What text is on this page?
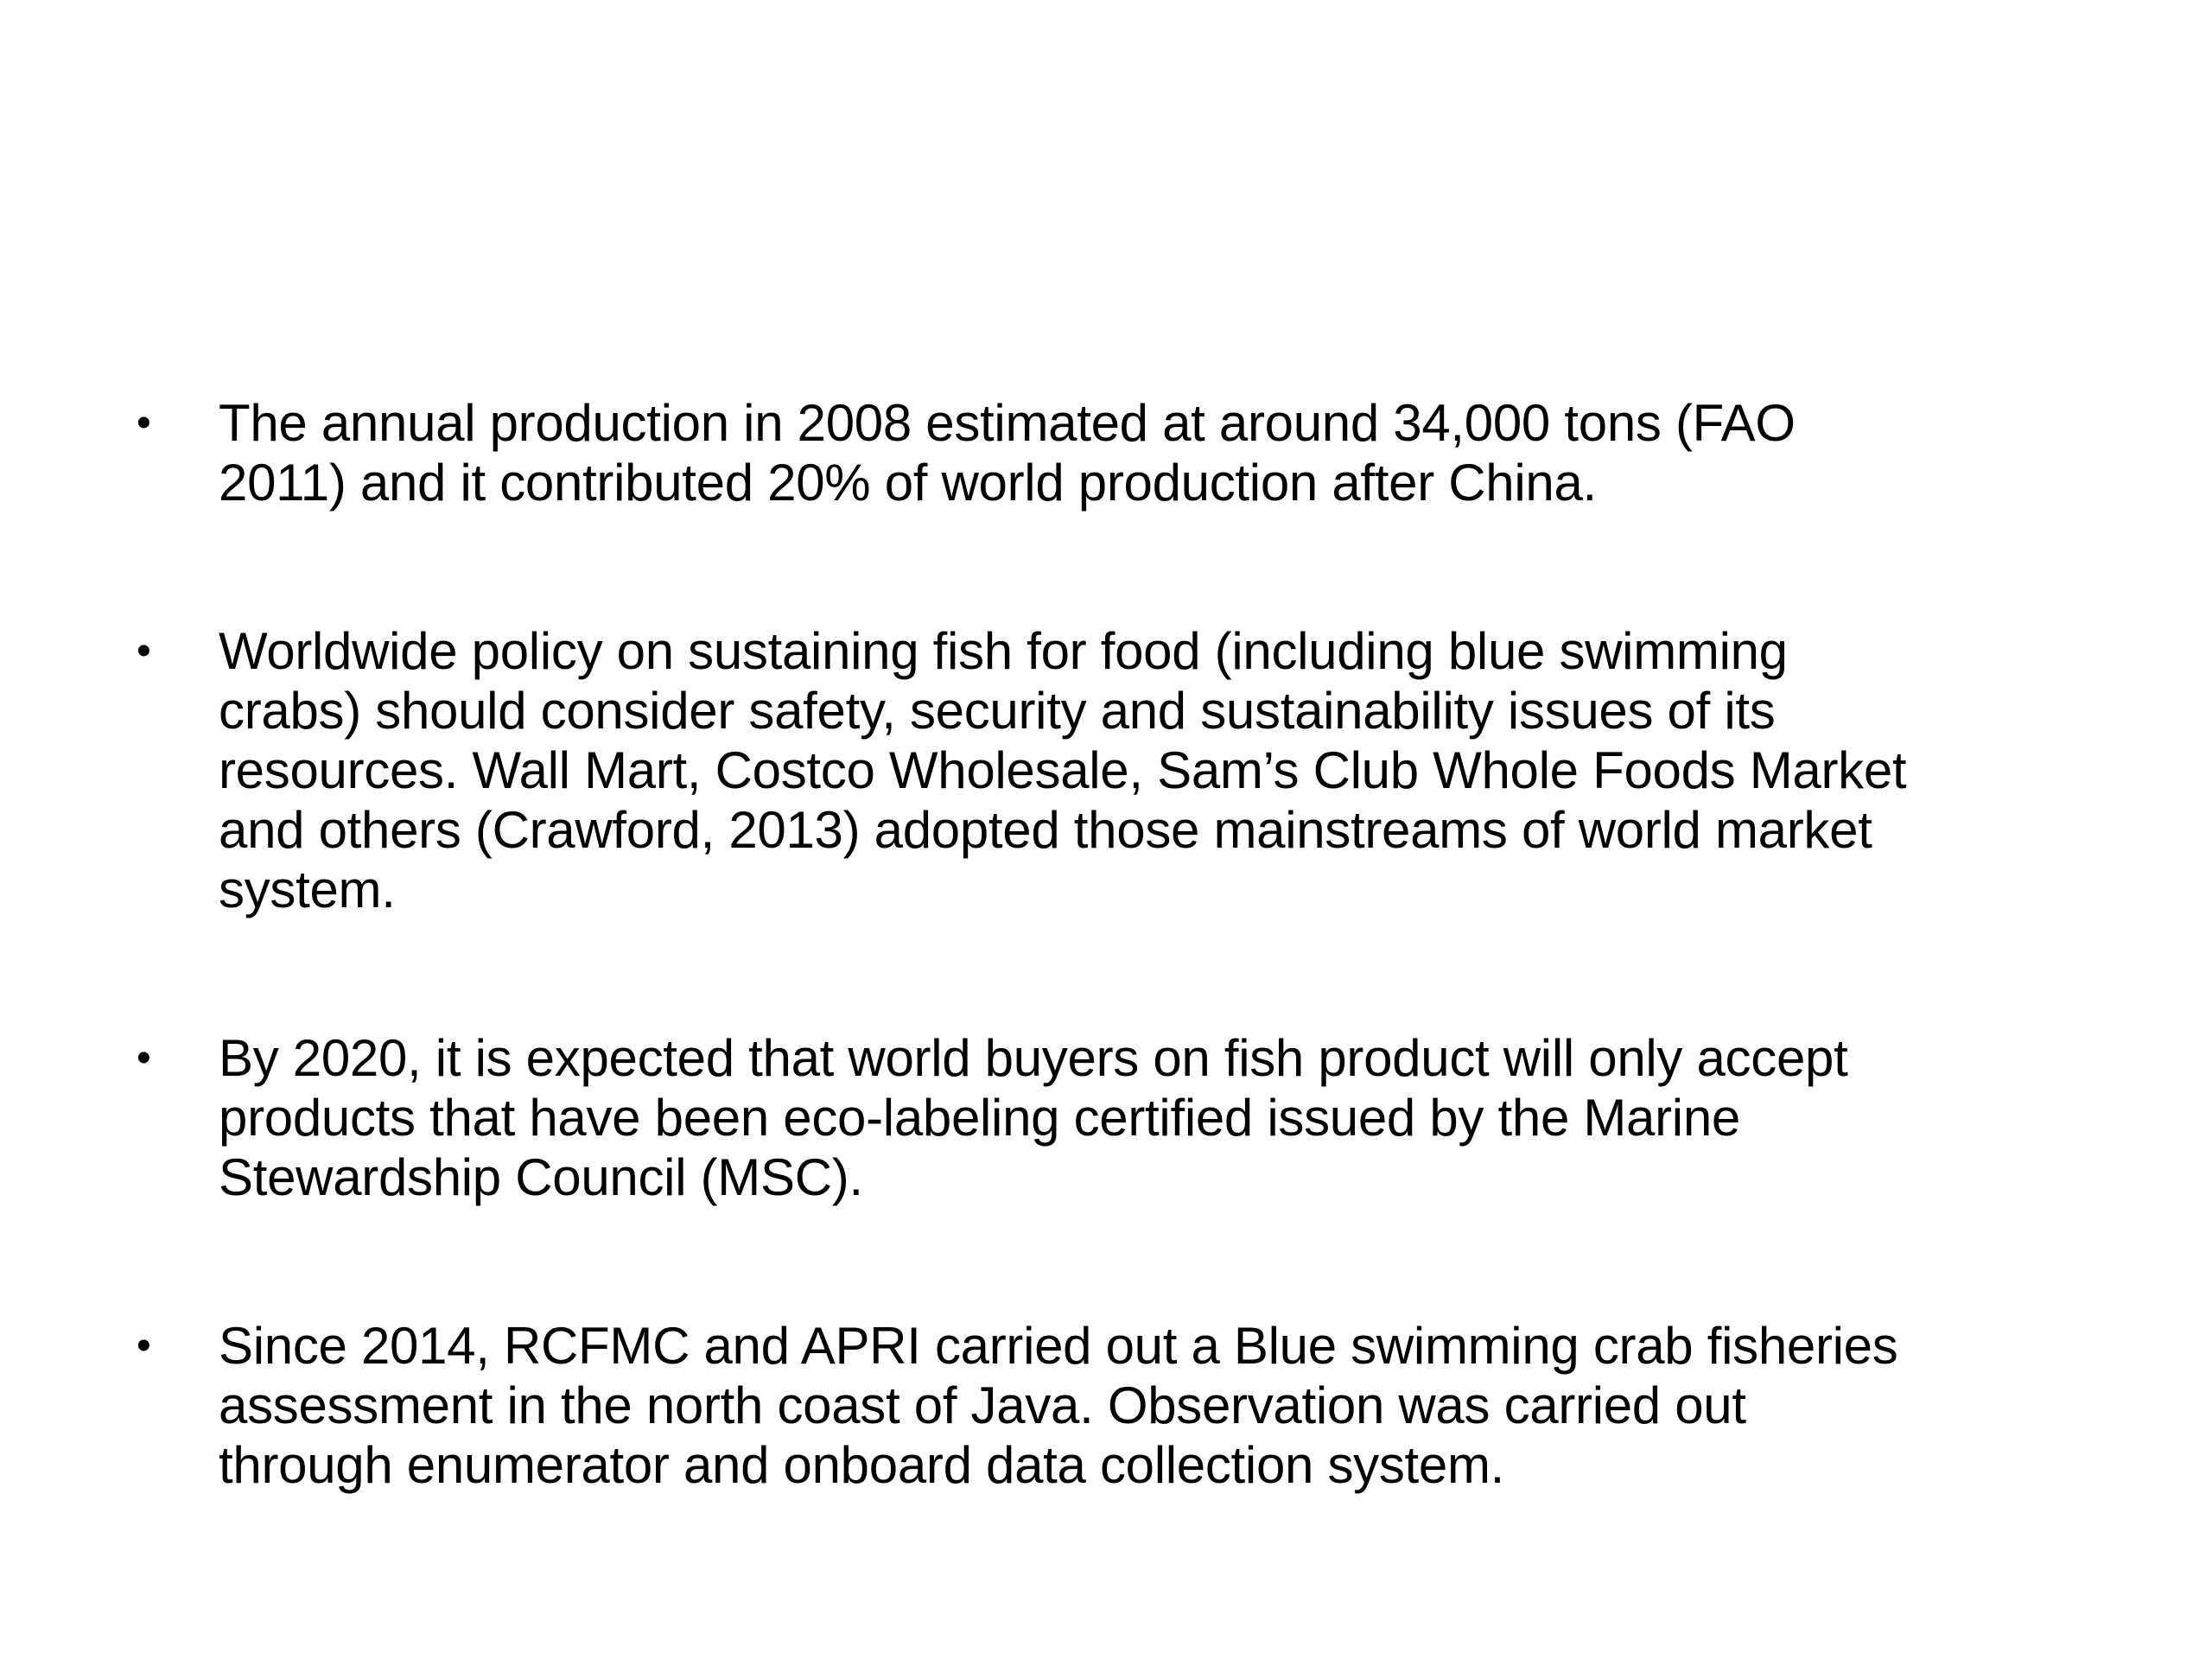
• The annual production in 2008 estimated at around 34,000 tons (FAO
2011) and it contributed 20% of world production after China.
• Worldwide policy on sustaining fish for food (including blue swimming
crabs) should consider safety, security and sustainability issues of its
resources. Wall Mart, Costco Wholesale, Sam’s Club Whole Foods Market
and others (Crawford, 2013) adopted those mainstreams of world market
system.
• By 2020, it is expected that world buyers on fish product will only accept
products that have been eco-labeling certified issued by the Marine
Stewardship Council (MSC).
• Since 2014, RCFMC and APRI carried out a Blue swimming crab fisheries
assessment in the north coast of Java. Observation was carried out
through enumerator and onboard data collection system.
